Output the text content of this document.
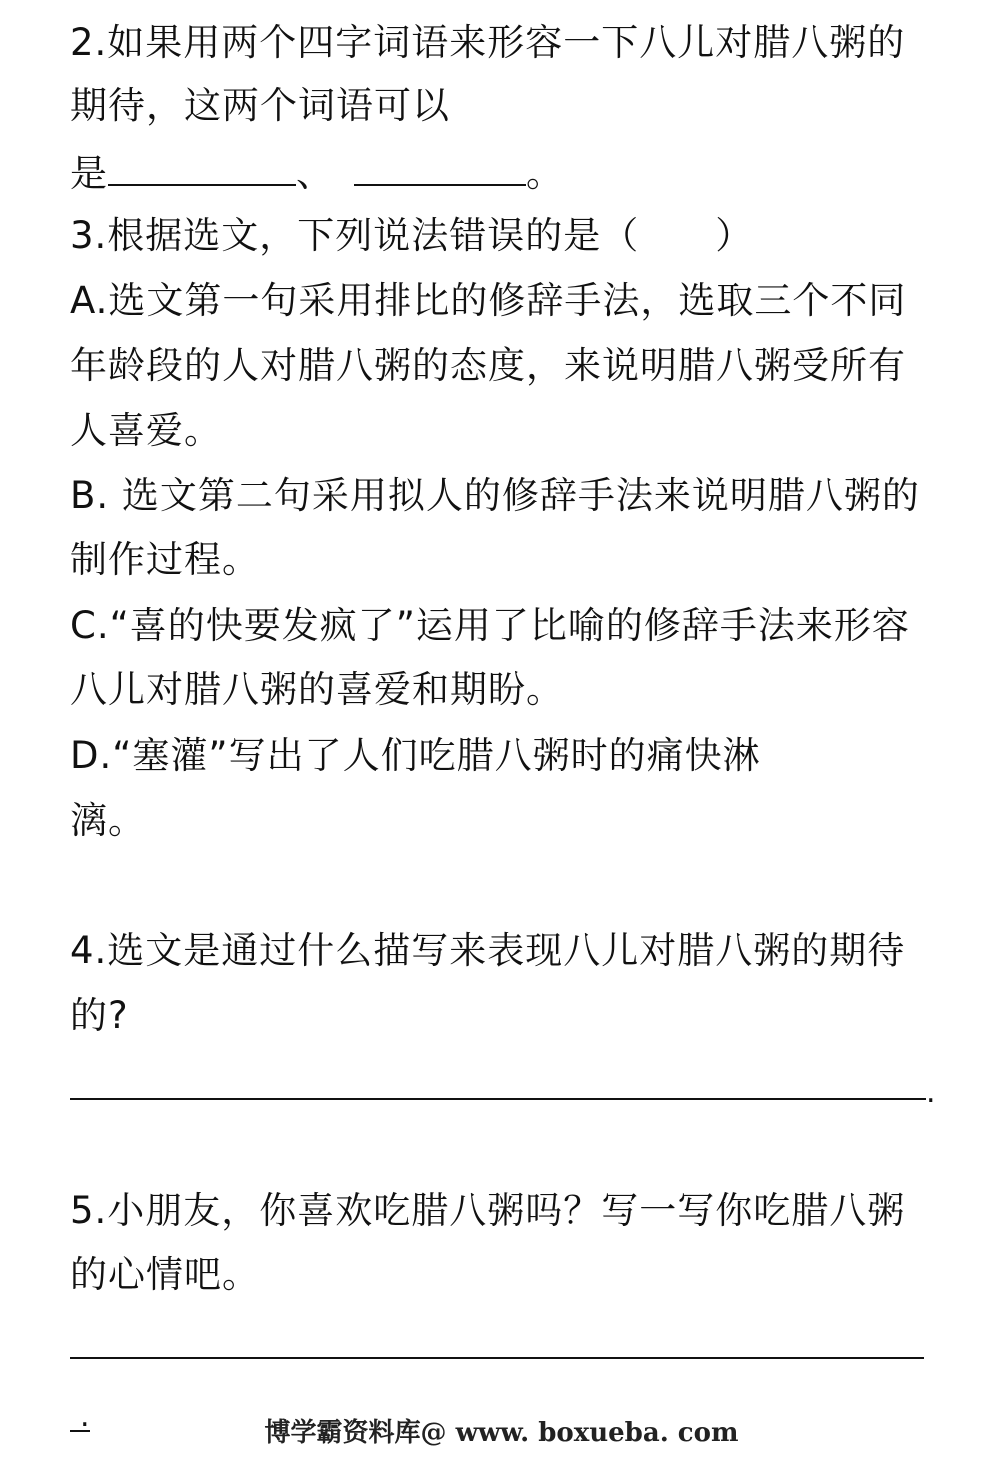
2.如果用两个四字词语来形容一下八儿对腊八粥的
期待，这两个词语可以
是	、	。
3.根据选文，下列说法错误的是（　　）
A.选文第一句采用排比的修辞手法，选取三个不同
年龄段的人对腊八粥的态度，来说明腊八粥受所有
人喜爱。
B. 选文第二句采用拟人的修辞手法来说明腊八粥的
制作过程。
C.“喜的快要发疯了”运用了比喻的修辞手法来形容
八儿对腊八粥的喜爱和期盼。
D.“塞灌”写出了人们吃腊八粥时的痛快淋
漓。
4.选文是通过什么描写来表现八儿对腊八粥的期待
的?
.
5.小朋友，你喜欢吃腊八粥吗？写一写你吃腊八粥
的心情吧。
.	博学霸资料库@ www. boxueba. com
